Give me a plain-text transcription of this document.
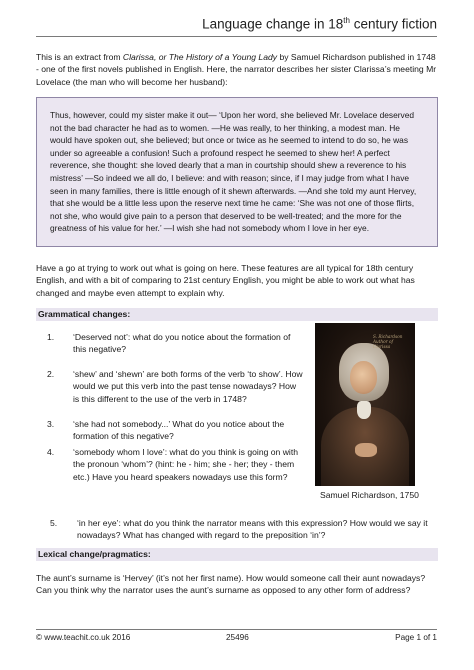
Language change in 18th century fiction
This is an extract from Clarissa, or The History of a Young Lady by Samuel Richardson published in 1748 - one of the first novels published in English. Here, the narrator describes her sister Clarissa’s meeting Mr Lovelace (the man who will become her husband):
Thus, however, could my sister make it out— ‘Upon her word, she believed Mr. Lovelace deserved not the bad character he had as to women. —He was really, to her thinking, a modest man. He would have spoken out, she believed; but once or twice as he seemed to intend to do so, he was under so agreeable a confusion! Such a profound respect he seemed to shew her! A perfect reverence, she thought: she loved dearly that a man in courtship should shew a reverence to his mistress’ —So indeed we all do, I believe: and with reason; since, if I may judge from what I have seen in many families, there is little enough of it shewn afterwards. —And she told my aunt Hervey, that she would be a little less upon the reserve next time he came: ‘She was not one of those flirts, not she, who would give pain to a person that deserved to be well-treated; and the more for the greatness of his value for her.’ —I wish she had not somebody whom I love in her eye.
Have a go at trying to work out what is going on here. These features are all typical for 18th century English, and with a bit of comparing to 21st century English, you might be able to work out what has changed and maybe even attempt to explain why.
Grammatical changes:
1. ‘Deserved not’: what do you notice about the formation of this negative?
2. ‘shew’ and ‘shewn’ are both forms of the verb ‘to show’. How would we put this verb into the past tense nowadays? How is this different to the use of the verb in 1748?
3. ‘she had not somebody...’ What do you notice about the formation of this negative?
4. ‘somebody whom I love’: what do you think is going on with the pronoun ‘whom’? (hint: he - him; she - her; they - them etc.) Have you heard speakers nowadays use this form?
S. Richardson
Author of Clarissa
Samuel Richardson, 1750
5. ‘in her eye’: what do you think the narrator means with this expression? How would we say it nowadays? What has changed with regard to the preposition ‘in’?
Lexical change/pragmatics:
The aunt’s surname is ‘Hervey’ (it’s not her first name). How would someone call their aunt nowadays? Can you think why the narrator uses the aunt’s surname as opposed to any other form of address?
© www.teachit.co.uk 2016	25496	Page 1 of 1
